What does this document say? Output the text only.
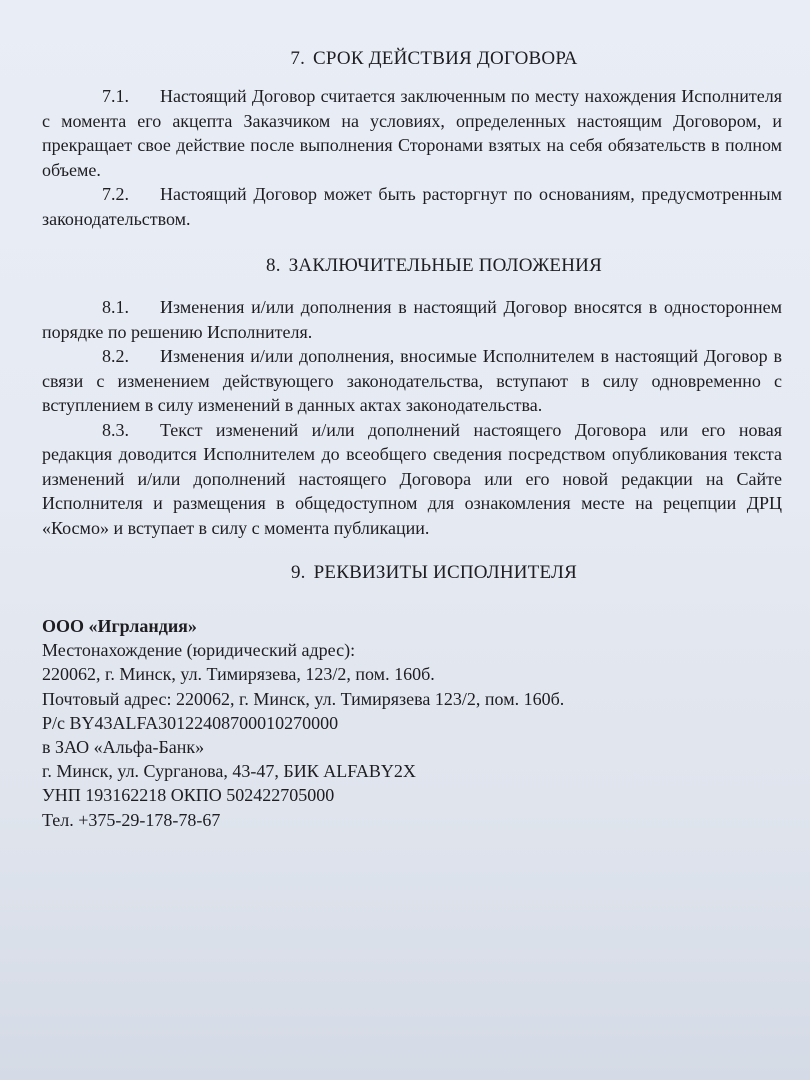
7. СРОК ДЕЙСТВИЯ ДОГОВОРА

7.1. Настоящий Договор считается заключенным по месту нахождения Исполнителя с момента его акцепта Заказчиком на условиях, определенных настоящим Договором, и прекращает свое действие после выполнения Сторонами взятых на себя обязательств в полном объеме.

7.2. Настоящий Договор может быть расторгнут по основаниям, предусмотренным законодательством.

8. ЗАКЛЮЧИТЕЛЬНЫЕ ПОЛОЖЕНИЯ

8.1. Изменения и/или дополнения в настоящий Договор вносятся в одностороннем порядке по решению Исполнителя.

8.2. Изменения и/или дополнения, вносимые Исполнителем в настоящий Договор в связи с изменением действующего законодательства, вступают в силу одновременно с вступлением в силу изменений в данных актах законодательства.

8.3. Текст изменений и/или дополнений настоящего Договора или его новая редакция доводится Исполнителем до всеобщего сведения посредством опубликования текста изменений и/или дополнений настоящего Договора или его новой редакции на Сайте Исполнителя и размещения в общедоступном для ознакомления месте на рецепции ДРЦ «Космо» и вступает в силу с момента публикации.

9. РЕКВИЗИТЫ ИСПОЛНИТЕЛЯ
ООО «Игрландия»
Местонахождение (юридический адрес):
220062, г. Минск, ул. Тимирязева, 123/2, пом. 160б.
Почтовый адрес: 220062, г. Минск, ул. Тимирязева 123/2, пом. 160б.
Р/с BY43ALFA30122408700010270000
в ЗАО «Альфа-Банк»
г. Минск, ул. Сурганова, 43-47, БИК ALFABY2X
УНП 193162218 ОКПО 502422705000
Тел. +375-29-178-78-67
